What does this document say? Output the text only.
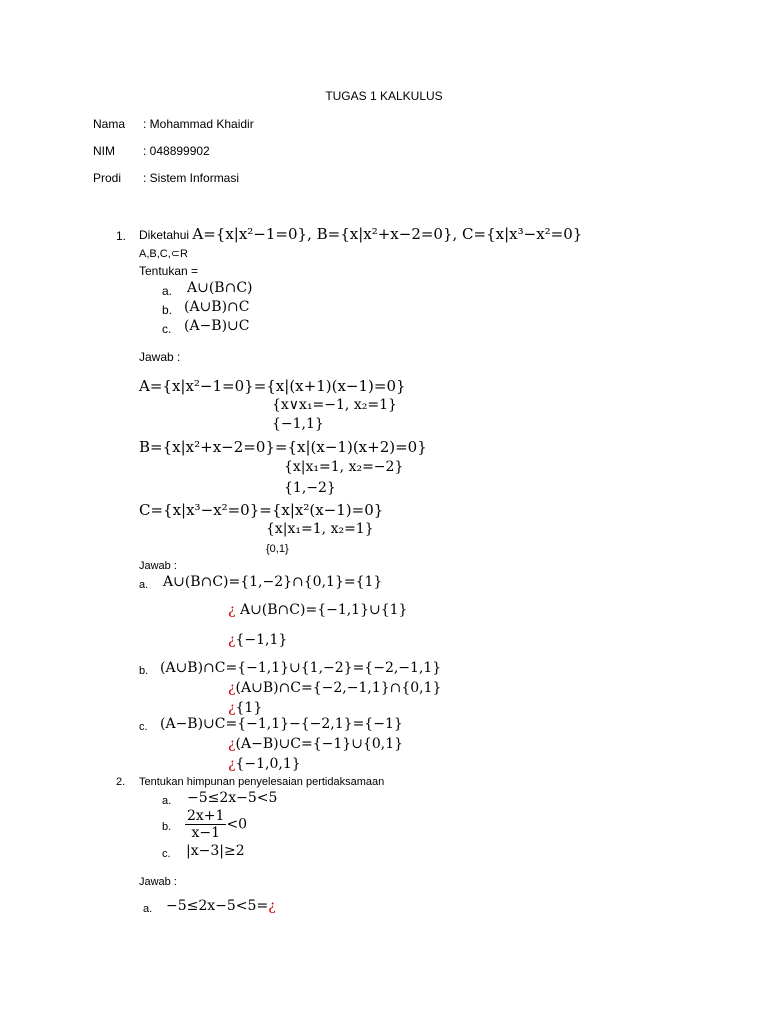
TUGAS 1 KALKULUS
Nama : Mohammad Khaidir
NIM : 048899902
Prodi : Sistem Informasi
1. Diketahui A={x|x²−1=0}, B={x|x²+x−2=0}, C={x|x³−x²=0}
A,B,C,⊂R
Tentukan =
a. A∪(B∩C)
b. (A∪B)∩C
c. (A−B)∪C
Jawab :
A={x|x²−1=0}={x|(x+1)(x−1)=0}
{x∨x₁=−1, x₂=1}
{−1,1}
B={x|x²+x−2=0}={x|(x−1)(x+2)=0}
{x|x₁=1, x₂=−2}
{1,−2}
C={x|x³−x²=0}={x|x²(x−1)=0}
{x|x₁=1, x₂=1}
{0,1}
Jawab :
a. A∪(B∩C)={1,−2}∩{0,1}={1}
¿ A∪(B∩C)={−1,1}∪{1}
¿{−1,1}
b. (A∪B)∩C={−1,1}∪{1,−2}={−2,−1,1}
¿(A∪B)∩C={−2,−1,1}∩{0,1}
¿{1}
c. (A−B)∪C={−1,1}−{−2,1}={−1}
¿(A−B)∪C={−1}∪{0,1}
¿{−1,0,1}
2. Tentukan himpunan penyelesaian pertidaksamaan
a. −5≤2x−5<5
b. $\frac{2x+1}{x-1} <0$
c. |x−3|≥2
Jawab :
a. −5≤2x−5<5=¿
